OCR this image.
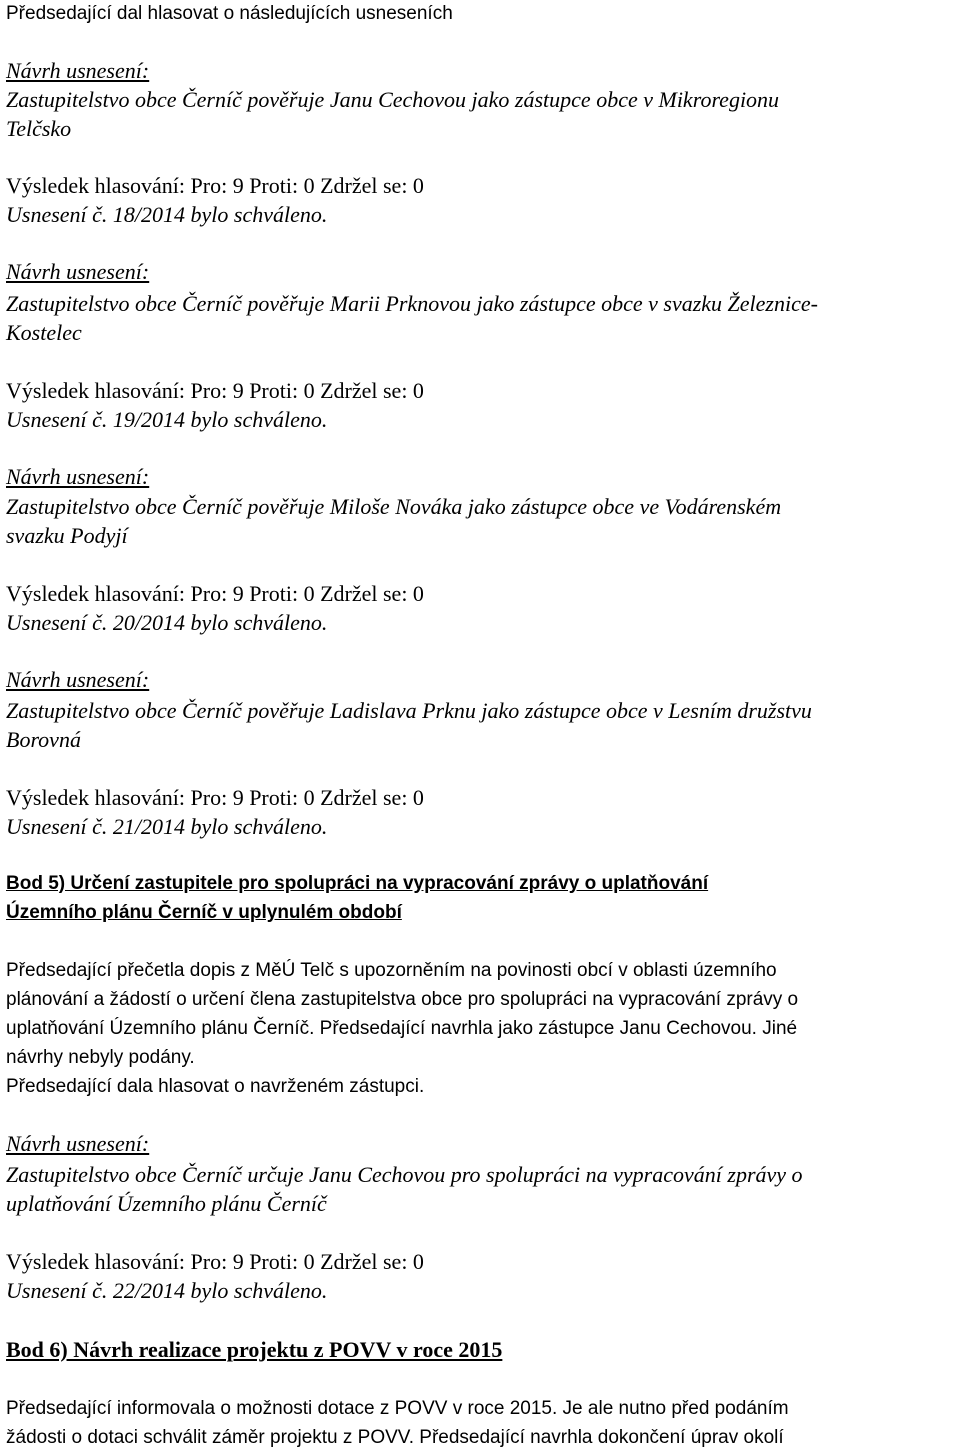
Předsedající dal hlasovat o následujících usneseních
Návrh usnesení:
Zastupitelstvo obce Černíč pověřuje Janu Cechovou jako zástupce obce v Mikroregionu
Telčsko
Výsledek hlasování: Pro: 9 Proti: 0 Zdržel se: 0
Usnesení č. 18/2014 bylo schváleno.
Návrh usnesení:
Zastupitelstvo obce Černíč pověřuje Marii Prknovou jako zástupce obce v svazku Železnice-
Kostelec
Výsledek hlasování: Pro: 9 Proti: 0 Zdržel se: 0
Usnesení č. 19/2014 bylo schváleno.
Návrh usnesení:
Zastupitelstvo obce Černíč pověřuje Miloše Nováka jako zástupce obce ve Vodárenském
svazku Podyjí
Výsledek hlasování: Pro: 9 Proti: 0 Zdržel se: 0
Usnesení č. 20/2014 bylo schváleno.
Návrh usnesení:
Zastupitelstvo obce Černíč pověřuje Ladislava Prknu jako zástupce obce v Lesním družstvu
Borovná
Výsledek hlasování: Pro: 9 Proti: 0 Zdržel se: 0
Usnesení č. 21/2014 bylo schváleno.
Bod 5) Určení zastupitele pro spolupráci na vypracování zprávy o uplatňování
Územního plánu Černíč v uplynulém období
Předsedající přečetla dopis z MěÚ Telč s upozorněním na povinosti obcí v oblasti územního
plánování a žádostí o určení člena zastupitelstva obce pro spolupráci na vypracování zprávy o
uplatňování Územního plánu Černíč. Předsedající navrhla jako zástupce Janu Cechovou. Jiné
návrhy nebyly podány.
Předsedající dala hlasovat o navrženém zástupci.
Návrh usnesení:
Zastupitelstvo obce Černíč určuje Janu Cechovou pro spolupráci na vypracování zprávy o
uplatňování Územního plánu Černíč
Výsledek hlasování: Pro: 9 Proti: 0 Zdržel se: 0
Usnesení č. 22/2014 bylo schváleno.
Bod 6) Návrh realizace projektu z POVV v roce 2015
Předsedající informovala o možnosti dotace z POVV v roce 2015. Je ale nutno před podáním
žádosti o dotaci schválit záměr projektu z POVV. Předsedající navrhla dokončení úprav okolí
